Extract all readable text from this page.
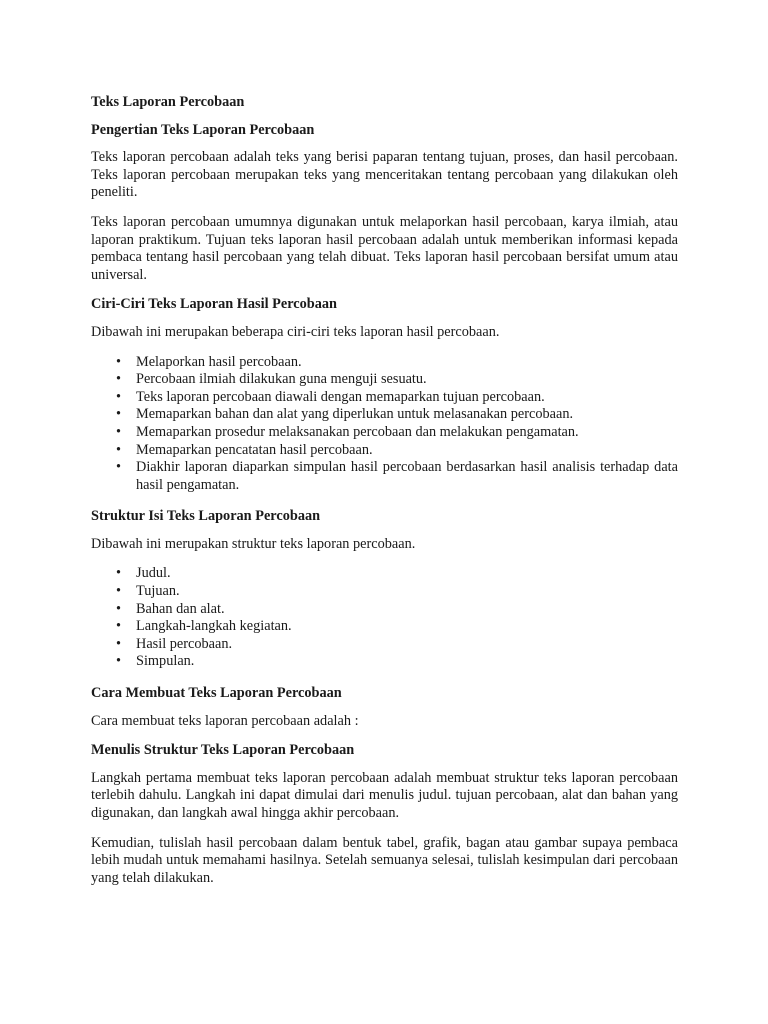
Teks Laporan Percobaan
Pengertian Teks Laporan Percobaan

Teks laporan percobaan adalah teks yang berisi paparan tentang tujuan, proses, dan hasil percobaan. Teks laporan percobaan merupakan teks yang menceritakan tentang percobaan yang dilakukan oleh peneliti.

Teks laporan percobaan umumnya digunakan untuk melaporkan hasil percobaan, karya ilmiah, atau laporan praktikum. Tujuan teks laporan hasil percobaan adalah untuk memberikan informasi kepada pembaca tentang hasil percobaan yang telah dibuat. Teks laporan hasil percobaan bersifat umum atau universal.

Ciri-Ciri Teks Laporan Hasil Percobaan

Dibawah ini merupakan beberapa ciri-ciri teks laporan hasil percobaan.

• Melaporkan hasil percobaan.
• Percobaan ilmiah dilakukan guna menguji sesuatu.
• Teks laporan percobaan diawali dengan memaparkan tujuan percobaan.
• Memaparkan bahan dan alat yang diperlukan untuk melasanakan percobaan.
• Memaparkan prosedur melaksanakan percobaan dan melakukan pengamatan.
• Memaparkan pencatatan hasil percobaan.
• Diakhir laporan diaparkan simpulan hasil percobaan berdasarkan hasil analisis terhadap data hasil pengamatan.
Struktur Isi Teks Laporan Percobaan

Dibawah ini merupakan struktur teks laporan percobaan.

• Judul.
• Tujuan.
• Bahan dan alat.
• Langkah-langkah kegiatan.
• Hasil percobaan.
• Simpulan.
Cara Membuat Teks Laporan Percobaan

Cara membuat teks laporan percobaan adalah :

Menulis Struktur Teks Laporan Percobaan

Langkah pertama membuat teks laporan percobaan adalah membuat struktur teks laporan percobaan terlebih dahulu. Langkah ini dapat dimulai dari menulis judul. tujuan percobaan, alat dan bahan yang digunakan, dan langkah awal hingga akhir percobaan.

Kemudian, tulislah hasil percobaan dalam bentuk tabel, grafik, bagan atau gambar supaya pembaca lebih mudah untuk memahami hasilnya. Setelah semuanya selesai, tulislah kesimpulan dari percobaan yang telah dilakukan.
